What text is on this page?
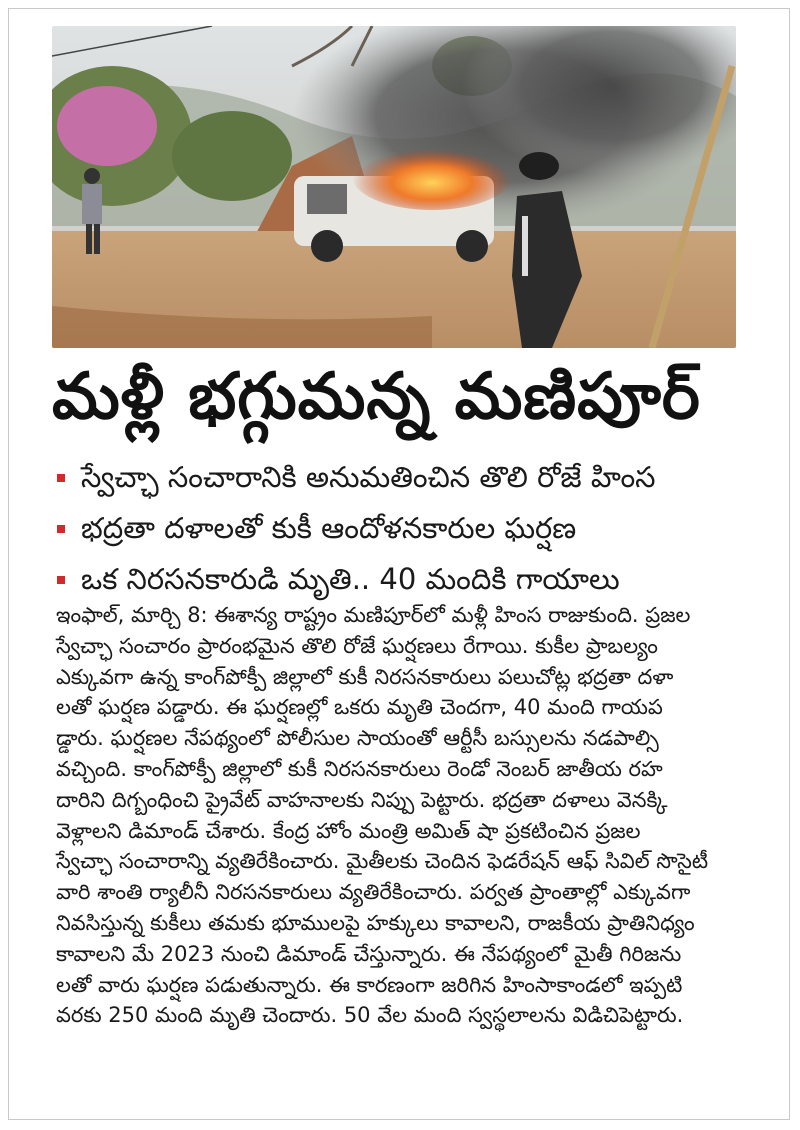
మళ్లీ భగ్గుమన్న మణిపూర్
స్వేచ్ఛా సంచారానికి అనుమతించిన తొలి రోజే హింస
భద్రతా దళాలతో కుకీ ఆందోళనకారుల ఘర్షణ
ఒక నిరసనకారుడి మృతి.. 40 మందికి గాయాలు

ఇంఫాల్, మార్చి 8: ఈశాన్య రాష్ట్రం మణిపూర్‌లో మళ్లీ హింస రాజుకుంది. ప్రజల

స్వేచ్ఛా సంచారం ప్రారంభమైన తొలి రోజే ఘర్షణలు రేగాయి. కుకీల ప్రాబల్యం

ఎక్కువగా ఉన్న కాంగ్‌పోక్పీ జిల్లాలో కుకీ నిరసనకారులు పలుచోట్ల భద్రతా దళా

లతో ఘర్షణ పడ్డారు. ఈ ఘర్షణల్లో ఒకరు మృతి చెందగా, 40 మంది గాయప

డ్డారు. ఘర్షణల నేపథ్యంలో పోలీసుల సాయంతో ఆర్టీసీ బస్సులను నడపాల్సి

వచ్చింది. కాంగ్‌పోక్పీ జిల్లాలో కుకీ నిరసనకారులు రెండో నెంబర్ జాతీయ రహ

దారిని దిగ్బంధించి ప్రైవేట్ వాహనాలకు నిప్పు పెట్టారు. భద్రతా దళాలు వెనక్కి

వెళ్లాలని డిమాండ్ చేశారు. కేంద్ర హోం మంత్రి అమిత్ షా ప్రకటించిన ప్రజల

స్వేచ్ఛా సంచారాన్ని వ్యతిరేకించారు. మైతీలకు చెందిన ఫెడరేషన్ ఆఫ్ సివిల్ సొసైటీ

వారి శాంతి ర్యాలీనీ నిరసనకారులు వ్యతిరేకించారు. పర్వత ప్రాంతాల్లో ఎక్కువగా

నివసిస్తున్న కుకీలు తమకు భూములపై హక్కులు కావాలని, రాజకీయ ప్రాతినిధ్యం

కావాలని మే 2023 నుంచి డిమాండ్ చేస్తున్నారు. ఈ నేపథ్యంలో మైతీ గిరిజను

లతో వారు ఘర్షణ పడుతున్నారు. ఈ కారణంగా జరిగిన హింసాకాండలో ఇప్పటి

వరకు 250 మంది మృతి చెందారు. 50 వేల మంది స్వస్థలాలను విడిచిపెట్టారు.
